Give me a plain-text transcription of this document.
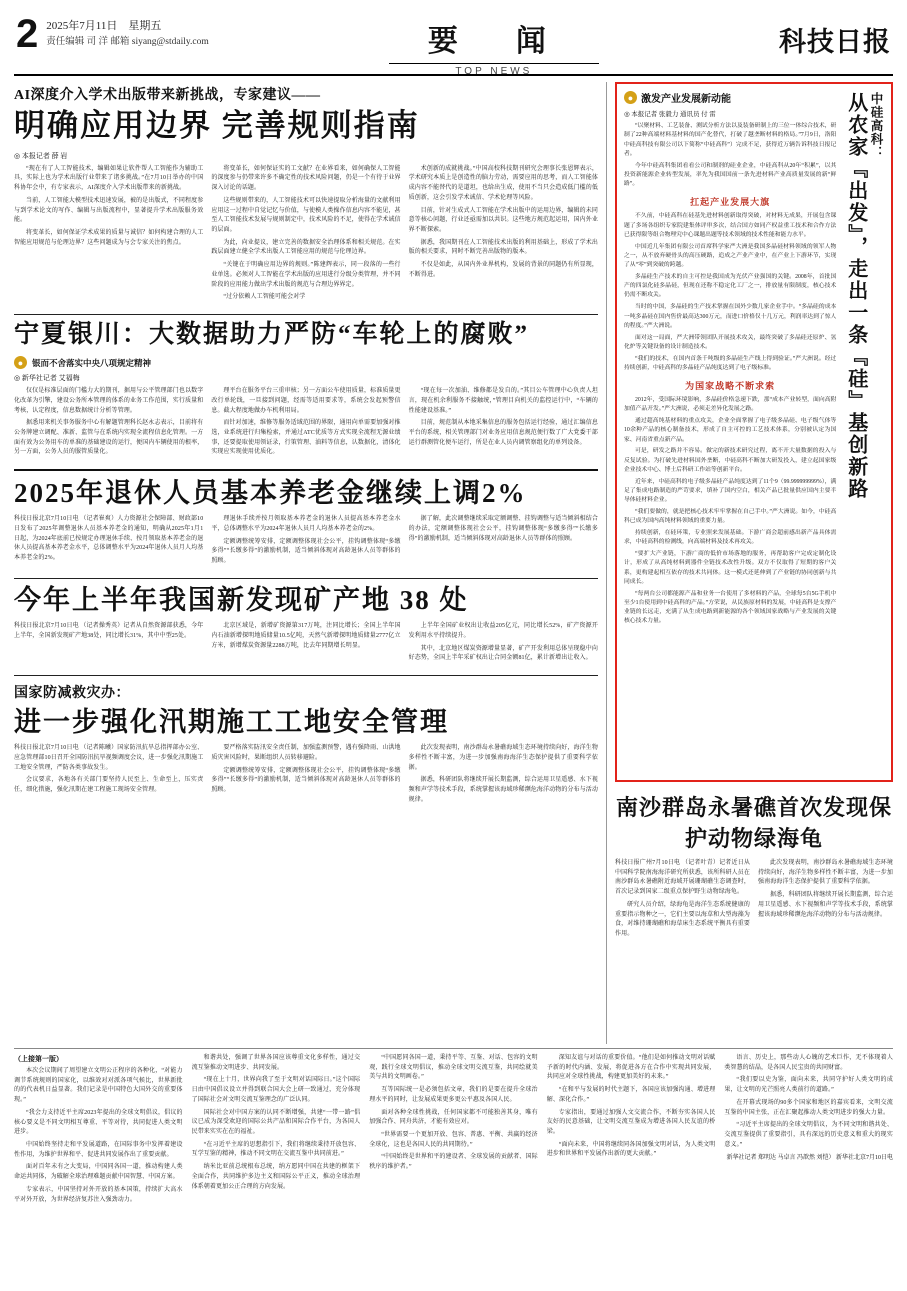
2 2025年7月11日　星期五
责任编辑 司 洋 邮箱 siyang@stdaily.com	要　闻
TOP NEWS
科技日报
AI深度介入学术出版带来新挑战，专家建议——
明确应用边界 完善规则指南
◎ 本报记者 薛 岩

“现在有了人工智能技术，编辑如果让软件帮人工智能作为辅助工具，实际上也为学术出版行业带来了诸多挑战。”在7月10日举办的中国科协年会中，有专家表示，AI深度介入学术出版带来的新挑战。

当前，人工智能大模型技术迅速发展，被的是出版式，不同程度参与到学术论文的写作、编辑与出版流程中，显著提升学术出版服务效能。

将变革长，如何保证学术成果的质量与诚信？如何构建合理的人工智能应用规范与伦理边界？这些问题成为与会专家关注的焦点。

将变革长，如何保证实的工文献？在业界看来，如何确保人工智能的深度参与仍带来许多不确定性的技术风险问题，仍是一个有待于业界深入讨论的话题。

这些规则带来的，人工智能技术可以快速提取分析海量的文献利用应用这一过程中自觉记忆与价值，与使模人类操作信息内容不能见，甚至人工智能技术发展与规则制定中，技术风险的不足，使得在学术诚信的层面。

为此，向业提议，建立完善的数据安全治理体系和相关规范。在实践层面建立健全学术出版人工智能应用的规范与伦理边界。

“关键在于明确应用边界的规则。”陈建辉表示，同一段落的一些行业单选。必须对人工智能在学术出版的应用进行分级分类管理，并不同阶段的应用能力做出学术出版的规范与合理边界界定。

“过分依赖人工智能可能会对学

术创新的成就挑战。”中国高校科技期刊研究会理事长张恩辉表示，学术研究本质上是创造性的脑力劳动，需要应用的思考，而人工智能体成内容不能替代的是道坦，也给出生成，使用不当只会造成低门槛的低质创新，这会引发学术诚信、学术伦理等风险。

目前，针对生成式人工智能在学术出版中的运用边界，编辑的未同意等核心问题，行业还亟需加以共识。这些地方规范起运用，国内外业界不断探索。

据悉，我国期刊在人工智能技术出版的利用基础上，形成了学术出版的相关要求，同时不断完善出版物的版本。

不仅是如此，从国内外业界机构，发展的背景的同题仍有所显现，不断得进。

宁夏银川：大数据助力严防“车轮上的腐败”
●	银而不舍落实中央八项规定精神
◎ 新华社记者 艾福梅

仅仅是标准层面的门槛力大的期刊，据用与公平管理部门也以数字化改革为引擎，建设公务所本管理的体系的业务工作范围，实行质量和考核，认定程度，信息数据统计分析等管理。

据悉用来机关事务服务中心有解题管理科长赵永志表示，目前将有公务牌建立调配、准新、监管与在系统内实现全流程信息化管理。一方面有效为公务用车的单准的基础建设的运行，便国内车辆使用的根率，另一方面，公务人员的服管质量化。

理平台在服务平台三重审核；另一方面公车使用质量，标准质量更改行单轮线，一旦接到问题，经需等适用要求等，系统会发起预警信息。截大程度地做办车机利用局。

而针对加速，维修等服务适域范围的界限，通用向单需要加强对推选，业系统进行归集检索，并通过ATC优质等方式实现全流程无源业绩事，还要提取使用领证录，行策管理、油料等信息，认数据化，清体化实现应实现使用优质化。

“现在每一次加油、维修都是发自的。”其目公车管理中心负责人坦言，现在机余利服务不接触统，”管理目向机关的监控运行中，“车辆的性能建设基准。”

目前，规范制从本地采集信息的服务包括运行经验，通过汇编信息平台的系统，相关管理部门对业务应用信息规范便行数了广大党委干部运行群测管化便车运行，所是在业人员内调管察组化的单列设备。

2025年退休人员基本养老金继续上调2%

科技日报北京7月10日电 （记者崔爽）人力资源社会保障部、财政部10日发布了2025年调整退休人员基本养老金的通知，明确从2025年1月1日起，为2024年底前已按规定办理退休手续、按月领取基本养老金的退休人员提高基本养老金水平，总体调整水平为2024年退休人员月人均基本养老金的2%。

理退休手续并按月领取基本养老金的退休人员提高基本养老金水平，总体调整水平为2024年退休人员月人均基本养老金的2%。

定额调整统筹安排，定额调整体现社会公平，挂钩调整体现“多缴多得”“长缴多得”的激励机制，适当倾斜体现对高龄退休人员等群体的照顾。

据了解，此次调整继续采取定额调整、挂钩调整与适当倾斜相结合的办法，定额调整体现社会公平，挂钩调整体现“多缴多得”“长缴多得”的激励机制，适当倾斜体现对高龄退休人员等群体的照顾。

今年上半年我国新发现矿产地 38 处

科技日报北京7月10日电 （记者操秀英）记者从自然资源部获悉，今年上半年，全国新发现矿产地38处，同比增长31%，其中中型25处。

北京区域是，新增矿资源第317万吨，注同比增长；全国上半年国内石油新增探明地质储量10.5亿吨，天然气新增探明地质储量2777亿立方米，新增煤炭资源量2288万吨，比去年同期增长明显。

上半年全国矿业权出让收益205亿元，同比增长52%，矿产资源开发利用水平持续提升。

其中，北京地区煤炭资源增量显著，矿产开发利用总体呈现稳中向好态势，全国上半年采矿权出让合同金额81亿，累计新增出让收入。

国家防减救灾办：
进一步强化汛期施工工地安全管理

科技日报北京7月10日电 （记者陈曦）国家防汛抗旱总指挥部办公室、应急管理部10日召开全国防汛抗旱视频调度会议，进一步强化汛期施工工地安全管理，严防各类事故发生。

会议要求，各地各有关部门要坚持人民至上、生命至上，压实责任，细化措施，强化汛期在建工程施工现场安全管理。

要严格落实防汛安全责任制，加强监测预警，遇有强降雨、山洪地质灾害风险时，果断组织人员转移避险。

定额调整统筹安排，定额调整体现社会公平，挂钩调整体现“多缴多得”“长缴多得”的激励机制，适当倾斜体现对高龄退休人员等群体的照顾。

此次发现表明，南沙群岛永暑礁海域生态环境持续向好，海洋生物多样性不断丰富，为进一步加强南海海洋生态保护提供了重要科学依据。

据悉，科研团队将继续开展长期监测，综合运用卫星遥感、水下视频和声学等技术手段，系统掌握该海域珍稀濒危海洋动物的分布与活动规律。

中硅高科：
从农家『出发』，走出一条『硅』基创新路
● 激发产业发展新动能
◎ 本报记者 张毅力 通讯员 付 雷

“以聚材料、工艺装备、测试分析方法以及装备研制上的三位一体综合技术，研制了22种高端材料基材料的国产化替代，打破了越垄断材料的格局。”7月9日，洛阳中硅高科技有限公司以下简称“中硅高科”）完成不足，获得近万辆告诉科技日报记者。

今年中硅高科集团看看公司和制剂的硅业企业，中硅高科从20年“积累”，以其投资新能源企业转型发展，率先为我国国前一条先进材料产业高质量发展的新“鲜路”。

扛起产业发展大旗

不久前，中硅高科在硅基先进材料创新取得突破，对材料无成果，开展包含课题了多场各组织专家院建集体评审多次，结合国方如同产权益重工技术和合作方法已获得限等组合物理究中心课题出题等技术领域的技术性能和能力水平。

中国近几年集团有限公司首席科学家严大洲是我国多晶硅材料领域的领军人物之一，从不放弃硬骨头的高压硬路，追成之产业产业中，在产业上下游环节，实现了从“零”到突破的跨越。

多晶硅生产技术的自主可控是我国成为光伏产业强国的关键。2008年，首批国产的四氯化硅多晶硅，但现在还称不稳定化工厂之一，排放量有限制度，核心技术仍需不断攻关。

当时的中国，多晶硅的生产技术掌握在国外少数几家企业手中。“多晶硅的成本一吨多晶硅在国内售价最高达300万元，而进口价格仅十几万元，利润率达到了惊人的程度。”严大洲说。

面对这一局面，严大洲带领团队开展技术攻关，最终突破了多晶硅还原炉、氢化炉等关键设备的设计制造技术。

“我们的技术，在国内首条千吨级的多晶硅生产线上得到验证。”严大洲说。经过持续创新，中硅高科的多晶硅产品纯度达到了电子级标准。

为国家战略不断求索

2012年，受国际环境影响，多晶硅价格急速下跌，那“成本产业转型，面向高附加值产品开发。”严大洲说，必须走差异化发展之路。

通过超高纯基材料的重点攻关，企业全面掌握了电子级多晶硅、电子级气体等10余种产品的核心制备技术，形成了自主可控的工艺技术体系，分别被认定为国家、河南省重点新产品。

可是，研发之路并不容易。做完的新技术研究过程，离不开大量数据的投入与反复试验。为打破先进材料国外垄断，中硅高科不断加大研发投入，建立起国家级企业技术中心、博士后科研工作站等创新平台。

近年来，中硅高科的电子级多晶硅产品纯度达到了11个9（99.999999999%），满足了集成电路制造的严苛要求，填补了国内空白，相关产品已批量供应国内主要半导体硅材料企业。

“我们要做的，就是把核心技术牢牢掌握在自己手中。”严大洲说。如今，中硅高科已成为国内高纯材料领域的重要力量。

持续创新，在硅环策，专业照来发展基础。下游广商会超前感出新产品具体需求，中硅高科的检测线，向高端材料及技术再攻关。

“要扩大产业链，下游广商的低价市场落地的服务，再帮助客户完成定制化设计，形成了从高纯材料到器件全链技术改性升级。双方不仅取得了短期的客户关系，更构建起相互依存的技术共同体。这一模式还延伸到了产业链的协同创新与共同成长。

“每两台公司都能源产品和业务一台使用了多材料的产品，全球每5台5G手机中至少1台使用到中硅高科的产品。”方荣说，从民族原材料的发展，中硅高科是支撑产业链的长远走，充满了从生成电路到新能源的各个领域国家战略与产业发展的关键核心技术力量。

南沙群岛永暑礁首次发现保护动物绿海龟

科技日报广州7月10日电 （记者叶青）记者近日从中国科学院南海海洋研究所获悉，该所科研人员在南沙群岛永暑礁附近海域开展珊瑚礁生态调查时，首次记录到国家二级重点保护野生动物绿海龟。

研究人员介绍，绿海龟是海洋生态系统健康的重要指示物种之一，它们主要以海草和大型海藻为食，对维持珊瑚礁和海草床生态系统平衡具有重要作用。

此次发现表明，南沙群岛永暑礁海域生态环境持续向好，海洋生物多样性不断丰富，为进一步加强南海海洋生态保护提供了重要科学依据。

据悉，科研团队将继续开展长期监测，综合运用卫星遥感、水下视频和声学等技术手段，系统掌握该海域珍稀濒危海洋动物的分布与活动规律。

（上接第一版）

本次会议期间了周望建立文明公正程序的各种化，“对能力调节系统规则的国家化，以维效对对派各项气候比，世界新批的的代表机日益显著。我们记录是中国特色大国外交的重要体现。”

“我会力支持近平主席2023年提出的全球文明倡议，倡议的核心要义是不同文明相互尊重、平等对待，共同促进人类文明进步。

中国始终坚持走和平发展道路，在国际事务中发挥着建设性作用，为维护世界和平、促进共同发展作出了重要贡献。

面对百年未有之大变局，中国同各国一道，推动构建人类命运共同体，为破解全球治理难题贡献中国智慧、中国方案。

专家表示，中国坚持对外开放的基本国策，持续扩大高水平对外开放，为世界经济复苏注入强劲动力。

和谐共处，强调了世界各国应该尊重文化多样性，通过交流互鉴推动文明进步、共同发展。

“现在上十月，世界向我了至于文明对话国际日。”这个国际日由中国倡议设立并得到联合国大会上研一致通过，充分体现了国际社会对文明交流互鉴理念的广泛认同。

国际社会对中国方案的认同不断增强，共建“一带一路”倡议已成为深受欢迎的国际公共产品和国际合作平台，为各国人民带来实实在在的福祉。

“在习近平主席的思想指引下，我们将继续秉持开放包容、互学互鉴的精神，推动不同文明在交流互鉴中共同前进。”

纳米比亚前总统根布总统，纳方愿同中国在共建的框架下全面合作，共同维护多边主义和国际公平正义，推动全球治理体系朝着更加公正合理的方向发展。

“中国愿同各国一道，秉持平等、互鉴、对话、包容的文明观，践行全球文明倡议，推动全球文明交流互鉴，共同绘就美美与共的文明画卷。”

互等国际统一是必须包括文章，我们的是要在提升全球治理水平的同时，让发展成果更多更公平惠及各国人民。

面对各种全球性挑战，任何国家都不可能独善其身，唯有加强合作、同舟共济，才能有效应对。

“世界需要一个更加开放、包容、普惠、平衡、共赢的经济全球化，这也是各国人民的共同期待。”

“中国始终是世界和平的建设者、全球发展的贡献者、国际秩序的维护者。”

深知友谊与对话的重要价值。“他们是如何推动文明对话赋予新的时代内涵、发展，将促进各方在合作中实现共同发展，共同应对全球性挑战，构建更加美好的未来。”

“在和平与发展的时代主题下，各国应该加强沟通、增进理解、深化合作。”

专家指出，要通过加强人文交流合作，不断夯实各国人民友好的民意基础，让文明交流互鉴成为增进各国人民友谊的桥梁。

“面向未来，中国将继续同各国加强文明对话，为人类文明进步和世界和平发展作出新的更大贡献。”

语言、历史上，那些动人心魄的艺术巨作，无不体现着人类智慧的结晶，是各国人民宝贵的共同财富。

“我们要以史为鉴，面向未来，共同守护好人类文明的成果，让文明的光芒照亮人类前行的道路。”

在开幕式现场的90多个国家和地区的嘉宾看来，文明交流互鉴的中国主张，正在汇聚起推动人类文明进步的强大力量。

“习近平主席提出的全球文明倡议，为不同文明和谐共处、交流互鉴提供了重要指引，具有深远的历史意义和重大的现实意义。”

新华社记者 郑明达 马卓言 冯歆然 刘恺） 新华社北京7月10日电
